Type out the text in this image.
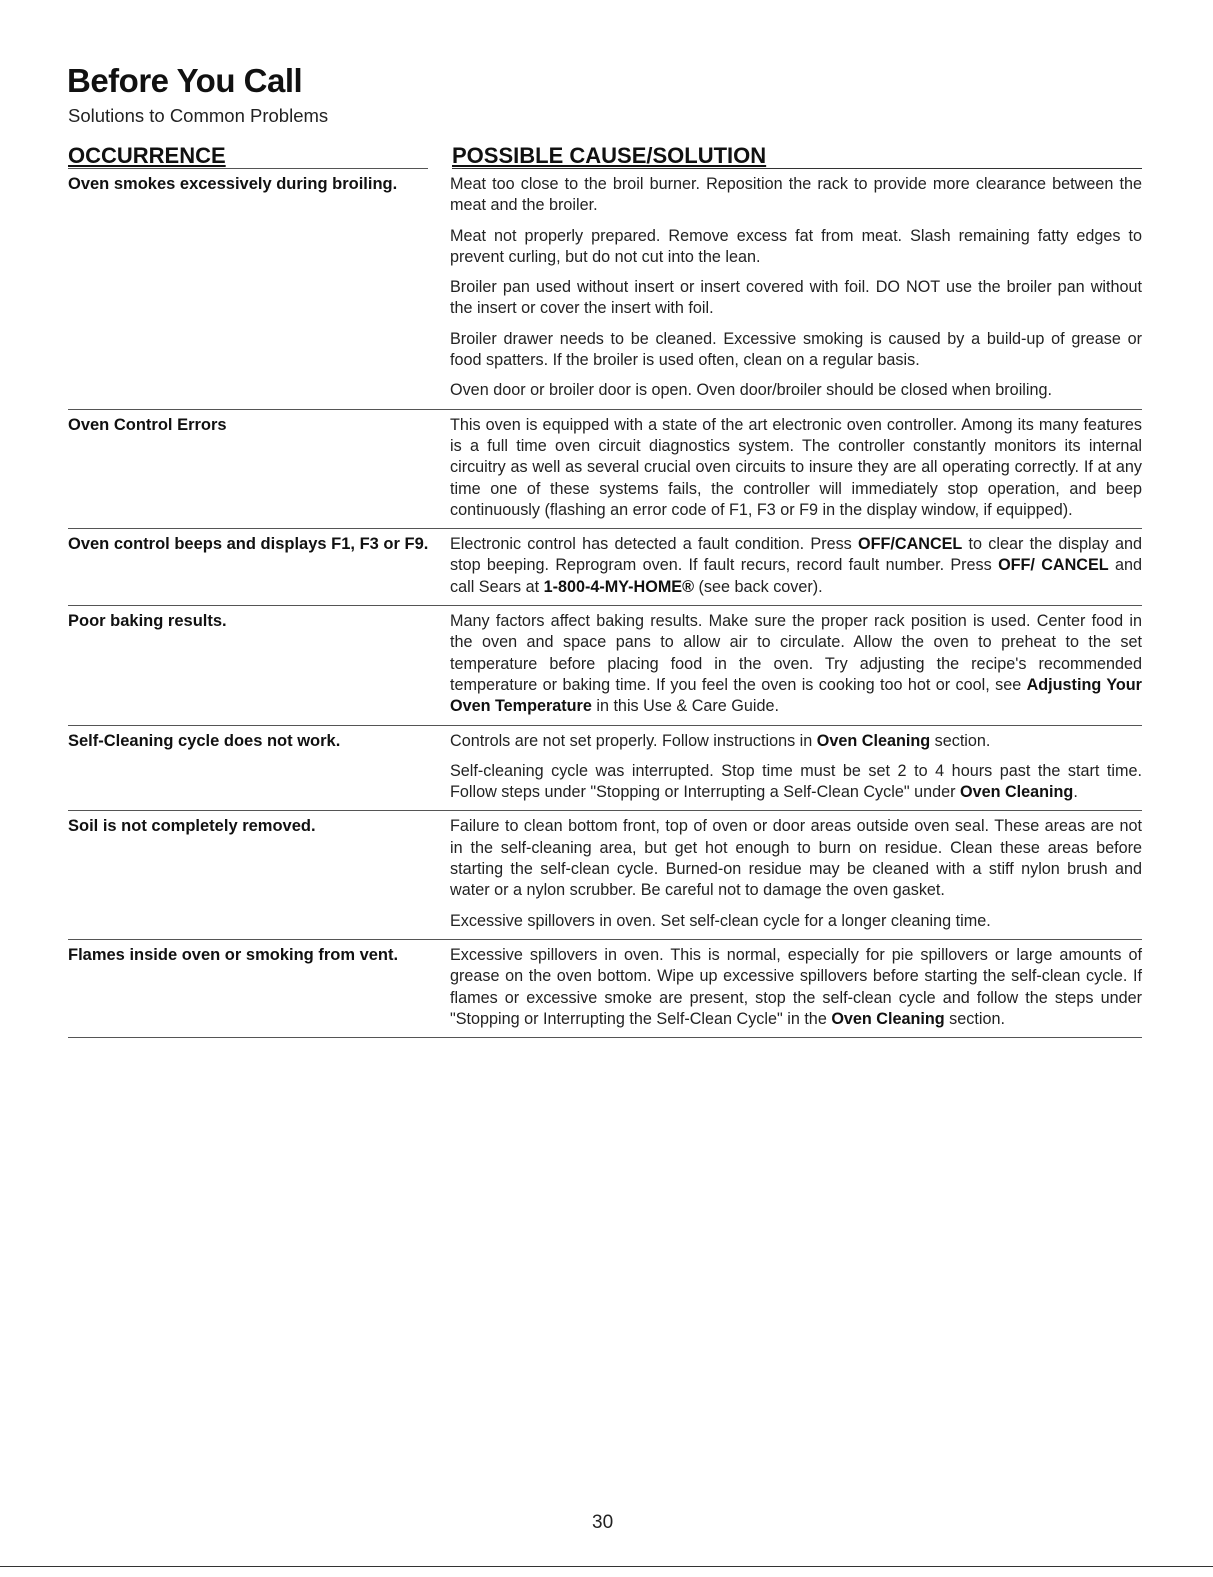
Before You Call
Solutions to Common Problems
OCCURRENCE	POSSIBLE CAUSE/SOLUTION
Oven smokes excessively during broiling.	Meat too close to the broil burner. Reposition the rack to provide more clearance between the meat and the broiler.

Meat not properly prepared. Remove excess fat from meat. Slash remaining fatty edges to prevent curling, but do not cut into the lean.

Broiler pan used without insert or insert covered with foil. DO NOT use the broiler pan without the insert or cover the insert with foil.

Broiler drawer needs to be cleaned. Excessive smoking is caused by a build-up of grease or food spatters. If the broiler is used often, clean on a regular basis.

Oven door or broiler door is open. Oven door/broiler should be closed when broiling.

Oven Control Errors	This oven is equipped with a state of the art electronic oven controller. Among its many features is a full time oven circuit diagnostics system. The controller constantly monitors its internal circuitry as well as several crucial oven circuits to insure they are all operating correctly. If at any time one of these systems fails, the controller will immediately stop operation, and beep continuously (flashing an error code of F1, F3 or F9 in the display window, if equipped).

Oven control beeps and displays F1, F3 or F9.	Electronic control has detected a fault condition. Press OFF/CANCEL to clear the display and stop beeping. Reprogram oven. If fault recurs, record fault number. Press OFF/ CANCEL and call Sears at 1-800-4-MY-HOME® (see back cover).

Poor baking results.	Many factors affect baking results. Make sure the proper rack position is used. Center food in the oven and space pans to allow air to circulate. Allow the oven to preheat to the set temperature before placing food in the oven. Try adjusting the recipe's recommended temperature or baking time. If you feel the oven is cooking too hot or cool, see Adjusting Your Oven Temperature in this Use & Care Guide.

Self-Cleaning cycle does not work.	Controls are not set properly. Follow instructions in Oven Cleaning section.

Self-cleaning cycle was interrupted. Stop time must be set 2 to 4 hours past the start time. Follow steps under "Stopping or Interrupting a Self-Clean Cycle" under Oven Cleaning.

Soil is not completely removed.	Failure to clean bottom front, top of oven or door areas outside oven seal. These areas are not in the self-cleaning area, but get hot enough to burn on residue. Clean these areas before starting the self-clean cycle. Burned-on residue may be cleaned with a stiff nylon brush and water or a nylon scrubber. Be careful not to damage the oven gasket.

Excessive spillovers in oven. Set self-clean cycle for a longer cleaning time.

Flames inside oven or smoking from vent.	Excessive spillovers in oven. This is normal, especially for pie spillovers or large amounts of grease on the oven bottom. Wipe up excessive spillovers before starting the self-clean cycle. If flames or excessive smoke are present, stop the self-clean cycle and follow the steps under "Stopping or Interrupting the Self-Clean Cycle" in the Oven Cleaning section.

30
